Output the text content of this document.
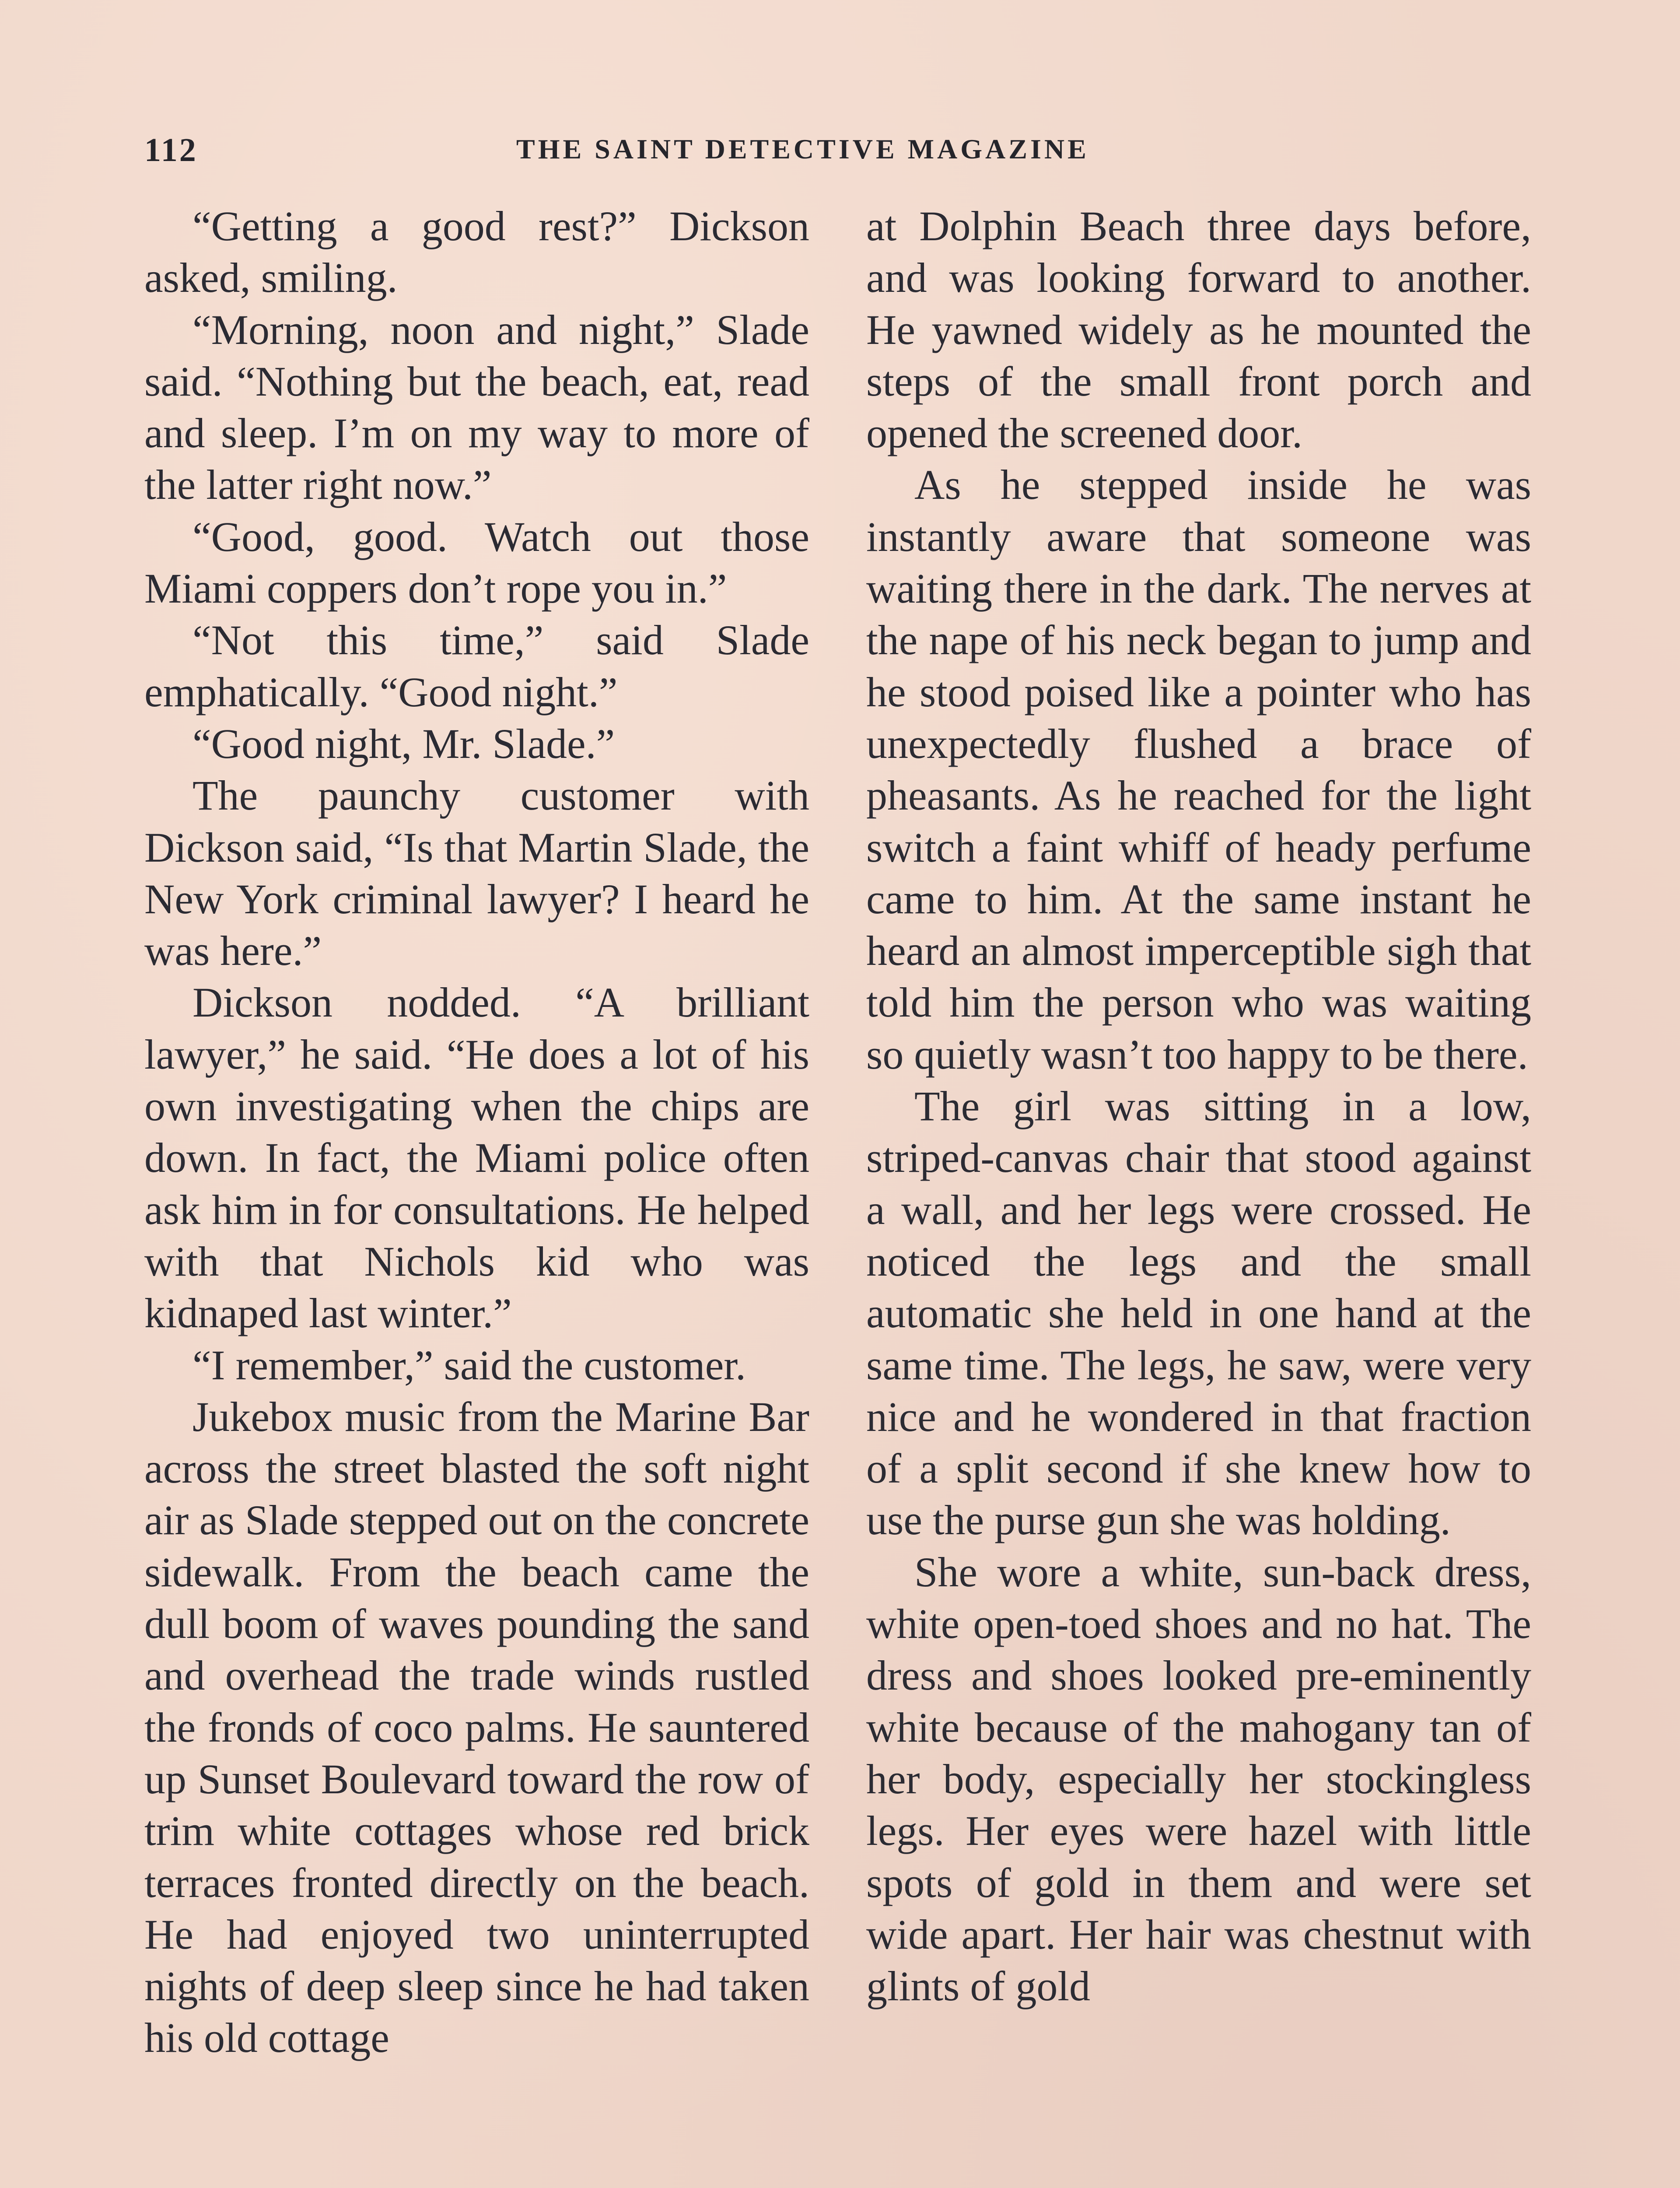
112	THE SAINT DETECTIVE MAGAZINE

“Getting a good rest?” Dickson asked, smiling.

“Morning, noon and night,” Slade said. “Nothing but the beach, eat, read and sleep. I’m on my way to more of the latter right now.”

“Good, good. Watch out those Miami coppers don’t rope you in.”

“Not this time,” said Slade emphatically. “Good night.”

“Good night, Mr. Slade.”

The paunchy customer with Dickson said, “Is that Martin Slade, the New York criminal lawyer? I heard he was here.”

Dickson nodded. “A brilliant lawyer,” he said. “He does a lot of his own investigating when the chips are down. In fact, the Miami police often ask him in for consultations. He helped with that Nichols kid who was kidnaped last winter.”

“I remember,” said the customer.

Jukebox music from the Marine Bar across the street blasted the soft night air as Slade stepped out on the concrete sidewalk. From the beach came the dull boom of waves pounding the sand and overhead the trade winds rustled the fronds of coco palms. He sauntered up Sunset Boulevard toward the row of trim white cottages whose red brick terraces fronted directly on the beach. He had enjoyed two uninterrupted nights of deep sleep since he had taken his old cottage

at Dolphin Beach three days before, and was looking forward to another. He yawned widely as he mounted the steps of the small front porch and opened the screened door.

As he stepped inside he was instantly aware that someone was waiting there in the dark. The nerves at the nape of his neck began to jump and he stood poised like a pointer who has unexpectedly flushed a brace of pheasants. As he reached for the light switch a faint whiff of heady perfume came to him. At the same instant he heard an almost imperceptible sigh that told him the person who was waiting so quietly wasn’t too happy to be there.

The girl was sitting in a low, striped-canvas chair that stood against a wall, and her legs were crossed. He noticed the legs and the small automatic she held in one hand at the same time. The legs, he saw, were very nice and he wondered in that fraction of a split second if she knew how to use the purse gun she was holding.

She wore a white, sun-back dress, white open-toed shoes and no hat. The dress and shoes looked pre-eminently white because of the mahogany tan of her body, especially her stockingless legs. Her eyes were hazel with little spots of gold in them and were set wide apart. Her hair was chestnut with glints of gold
